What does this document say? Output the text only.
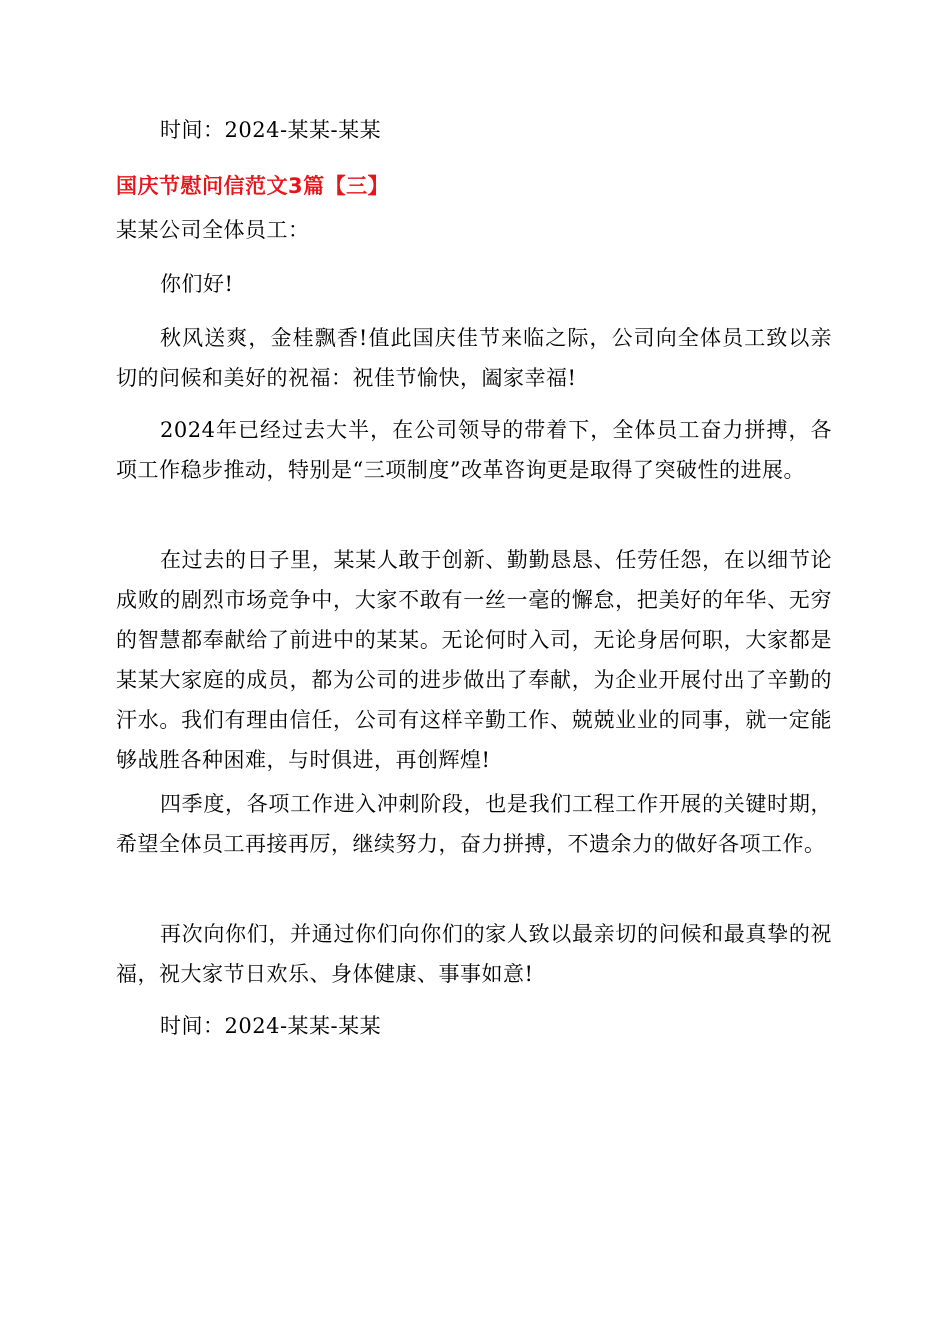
时间：2024-某某-某某
国庆节慰问信范文3篇【三】
某某公司全体员工：
你们好!
秋风送爽，金桂飘香!值此国庆佳节来临之际，公司向全体员工致以亲切的问候和美好的祝福：祝佳节愉快，阖家幸福!
2024年已经过去大半，在公司领导的带着下，全体员工奋力拼搏，各项工作稳步推动，特别是“三项制度”改革咨询更是取得了突破性的进展。
在过去的日子里，某某人敢于创新、勤勤恳恳、任劳任怨，在以细节论成败的剧烈市场竞争中，大家不敢有一丝一毫的懈怠，把美好的年华、无穷的智慧都奉献给了前进中的某某。无论何时入司，无论身居何职，大家都是某某大家庭的成员，都为公司的进步做出了奉献，为企业开展付出了辛勤的汗水。我们有理由信任，公司有这样辛勤工作、兢兢业业的同事，就一定能够战胜各种困难，与时俱进，再创辉煌!
四季度，各项工作进入冲刺阶段，也是我们工程工作开展的关键时期，希望全体员工再接再厉，继续努力，奋力拼搏，不遗余力的做好各项工作。
再次向你们，并通过你们向你们的家人致以最亲切的问候和最真挚的祝福，祝大家节日欢乐、身体健康、事事如意!
时间：2024-某某-某某
